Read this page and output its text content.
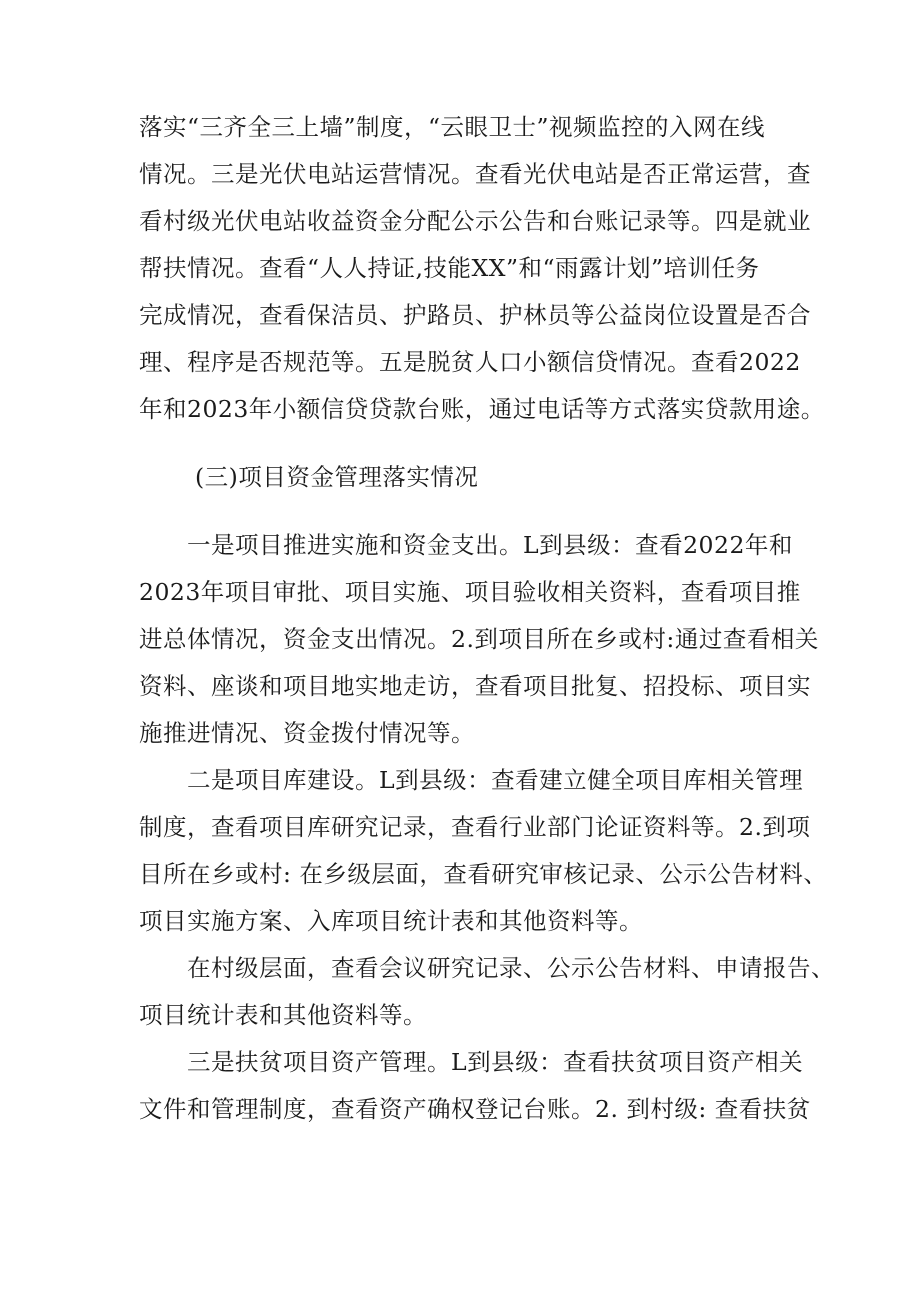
落实“三齐全三上墙”制度，“云眼卫士”视频监控的入网在线
情况。三是光伏电站运营情况。查看光伏电站是否正常运营，查
看村级光伏电站收益资金分配公示公告和台账记录等。四是就业
帮扶情况。查看“人人持证,技能XX”和“雨露计划”培训任务
完成情况，查看保洁员、护路员、护林员等公益岗位设置是否合
理、程序是否规范等。五是脱贫人口小额信贷情况。查看2022
年和2023年小额信贷贷款台账，通过电话等方式落实贷款用途。
(三)项目资金管理落实情况
一是项目推进实施和资金支出。L到县级：查看2022年和
2023年项目审批、项目实施、项目验收相关资料，查看项目推
进总体情况，资金支出情况。2.到项目所在乡或村:通过查看相关
资料、座谈和项目地实地走访，查看项目批复、招投标、项目实
施推进情况、资金拨付情况等。
二是项目库建设。L到县级：查看建立健全项目库相关管理
制度，查看项目库研究记录，查看行业部门论证资料等。2.到项
目所在乡或村: 在乡级层面，查看研究审核记录、公示公告材料、
项目实施方案、入库项目统计表和其他资料等。
在村级层面，查看会议研究记录、公示公告材料、申请报告、
项目统计表和其他资料等。
三是扶贫项目资产管理。L到县级：查看扶贫项目资产相关
文件和管理制度，查看资产确权登记台账。2. 到村级: 查看扶贫
